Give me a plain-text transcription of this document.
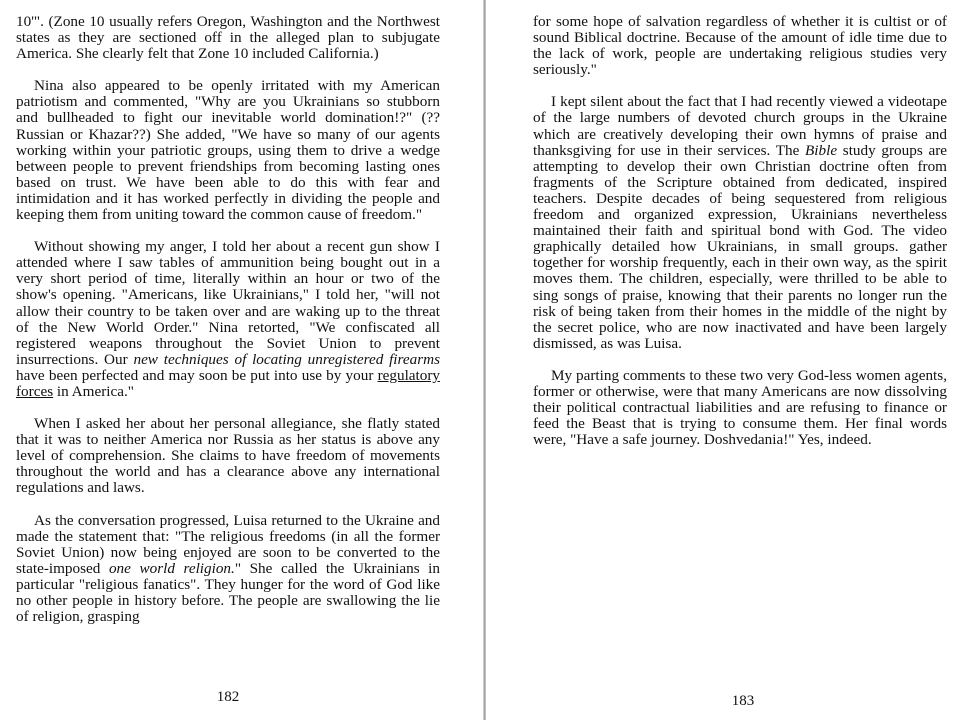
10'". (Zone 10 usually refers Oregon, Washington and the Northwest states as they are sectioned off in the alleged plan to subjugate America. She clearly felt that Zone 10 included California.)

Nina also appeared to be openly irritated with my American patriotism and commented, "Why are you Ukrainians so stubborn and bullheaded to fight our inevitable world domination!?" (?? Russian or Khazar??) She added, "We have so many of our agents working within your patriotic groups, using them to drive a wedge between people to prevent friendships from becoming lasting ones based on trust. We have been able to do this with fear and intimidation and it has worked perfectly in dividing the people and keeping them from uniting toward the common cause of freedom."

Without showing my anger, I told her about a recent gun show I attended where I saw tables of ammunition being bought out in a very short period of time, literally within an hour or two of the show's opening. "Americans, like Ukrainians," I told her, "will not allow their country to be taken over and are waking up to the threat of the New World Order." Nina retorted, "We confiscated all registered weapons throughout the Soviet Union to prevent insurrections. Our new techniques of locating unregistered firearms have been perfected and may soon be put into use by your regulatory forces in America."

When I asked her about her personal allegiance, she flatly stated that it was to neither America nor Russia as her status is above any level of comprehension. She claims to have freedom of movements throughout the world and has a clearance above any international regulations and laws.

As the conversation progressed, Luisa returned to the Ukraine and made the statement that: "The religious freedoms (in all the former Soviet Union) now being enjoyed are soon to be converted to the state-imposed one world religion." She called the Ukrainians in particular "religious fanatics". They hunger for the word of God like no other people in history before. The people are swallowing the lie of religion, grasping

182

for some hope of salvation regardless of whether it is cultist or of sound Biblical doctrine. Because of the amount of idle time due to the lack of work, people are undertaking religious studies very seriously."

I kept silent about the fact that I had recently viewed a videotape of the large numbers of devoted church groups in the Ukraine which are creatively developing their own hymns of praise and thanksgiving for use in their services. The Bible study groups are attempting to develop their own Christian doctrine often from fragments of the Scripture obtained from dedicated, inspired teachers. Despite decades of being sequestered from religious freedom and organized expression, Ukrainians nevertheless maintained their faith and spiritual bond with God. The video graphically detailed how Ukrainians, in small groups. gather together for worship frequently, each in their own way, as the spirit moves them. The children, especially, were thrilled to be able to sing songs of praise, knowing that their parents no longer run the risk of being taken from their homes in the middle of the night by the secret police, who are now inactivated and have been largely dismissed, as was Luisa.

My parting comments to these two very God-less women agents, former or otherwise, were that many Americans are now dissolving their political contractual liabilities and are refusing to finance or feed the Beast that is trying to consume them. Her final words were, "Have a safe journey. Doshvedania!" Yes, indeed.

183
